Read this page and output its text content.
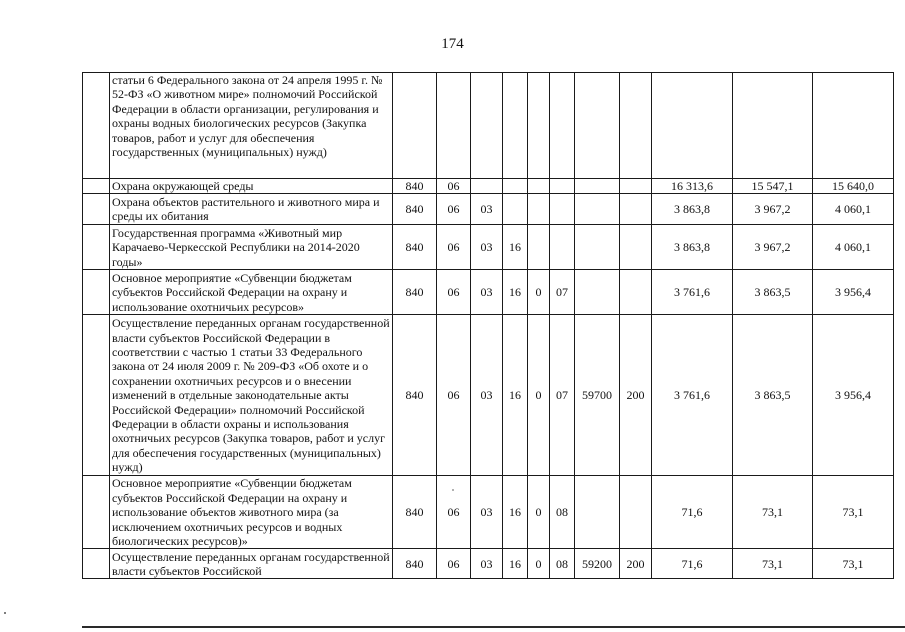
174
	статьи 6 Федерального закона от 24 апреля 1995 г. № 52-ФЗ «О животном мире» полномочий Российской Федерации в области организации, регулирования и охраны водных биологических ресурсов (Закупка товаров, работ и услуг для обеспечения государственных (муниципальных) нужд)											
	Охрана окружающей среды	840	06							16 313,6	15 547,1	15 640,0
	Охрана объектов растительного и животного мира и среды их обитания	840	06	03						3 863,8	3 967,2	4 060,1
	Государственная программа «Животный мир Карачаево-Черкесской Республики на 2014-2020 годы»	840	06	03	16					3 863,8	3 967,2	4 060,1
	Основное мероприятие «Субвенции бюджетам субъектов Российской Федерации на охрану и использование охотничьих ресурсов»	840	06	03	16	0	07			3 761,6	3 863,5	3 956,4
	Осуществление переданных органам государственной власти субъектов Российской Федерации в соответствии с частью 1 статьи 33 Федерального закона от 24 июля 2009 г. № 209-ФЗ «Об охоте и о сохранении охотничьих ресурсов и о внесении изменений в отдельные законодательные акты Российской Федерации» полномочий Российской Федерации в области охраны и использования охотничьих ресурсов (Закупка товаров, работ и услуг для обеспечения государственных (муниципальных) нужд)	840	06	03	16	0	07	59700	200	3 761,6	3 863,5	3 956,4
	Основное мероприятие «Субвенции бюджетам субъектов Российской Федерации на охрану и использование объектов животного мира (за исключением охотничьих ресурсов и водных биологических ресурсов)»	840	06	03	16	0	08			71,6	73,1	73,1
	Осуществление переданных органам государственной власти субъектов Российской	840	06	03	16	0	08	59200	200	71,6	73,1	73,1
